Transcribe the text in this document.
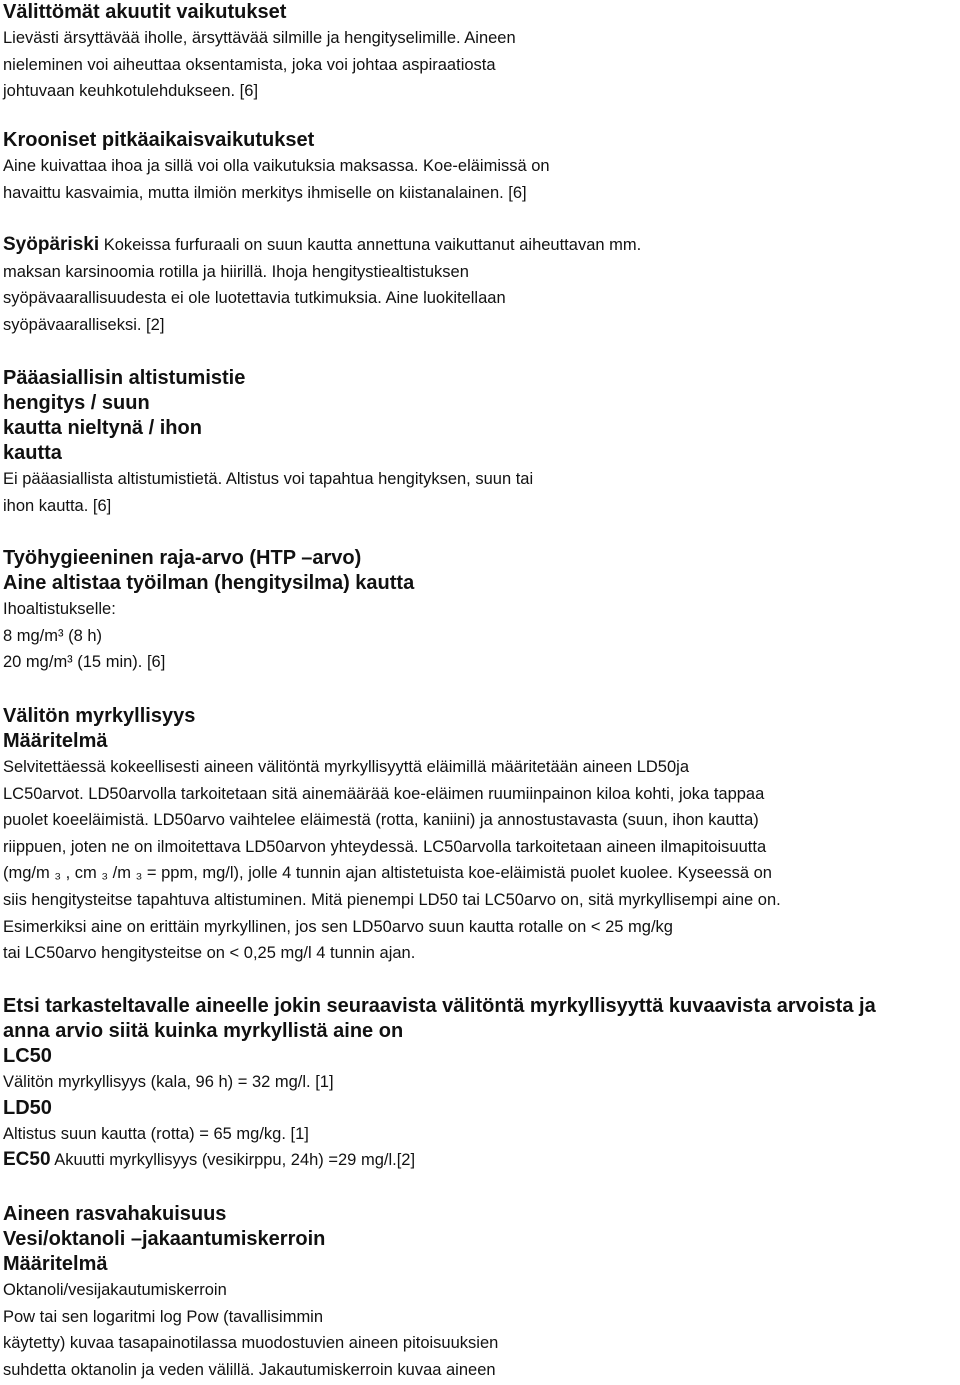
Välittömät akuutit vaikutukset

Lievästi ärsyttävää iholle, ärsyttävää silmille ja hengityselimille. Aineen

nieleminen voi aiheuttaa oksentamista, joka voi johtaa aspiraatiosta

johtuvaan keuhkotulehdukseen. [6]

Krooniset pitkäaikaisvaikutukset

Aine kuivattaa ihoa ja sillä voi olla vaikutuksia maksassa. Koe-eläimissä on

havaittu kasvaimia, mutta ilmiön merkitys ihmiselle on kiistanalainen. [6]

Syöpäriski Kokeissa furfuraali on suun kautta annettuna vaikuttanut aiheuttavan mm.

maksan karsinoomia rotilla ja hiirillä. Ihoja hengitystiealtistuksen

syöpävaarallisuudesta ei ole luotettavia tutkimuksia. Aine luokitellaan

syöpävaaralliseksi. [2]

Pääasiallisin altistumistie

hengitys / suun

kautta nieltynä / ihon

kautta

Ei pääasiallista altistumistietä. Altistus voi tapahtua hengityksen, suun tai

ihon kautta. [6]

Työhygieeninen raja-arvo (HTP –arvo)

Aine altistaa työilman (hengitysilma) kautta

Ihoaltistukselle:

8 mg/m³ (8 h)

20 mg/m³ (15 min). [6]

Välitön myrkyllisyys

Määritelmä

Selvitettäessä kokeellisesti aineen välitöntä myrkyllisyyttä eläimillä määritetään aineen LD50ja

LC50arvot. LD50arvolla tarkoitetaan sitä ainemäärää koe-eläimen ruumiinpainon kiloa kohti, joka tappaa

puolet koeeläimistä. LD50arvo vaihtelee eläimestä (rotta, kaniini) ja annostustavasta (suun, ihon kautta)

riippuen, joten ne on ilmoitettava LD50arvon yhteydessä. LC50arvolla tarkoitetaan aineen ilmapitoisuutta

(mg/m ₃ , cm ₃ /m ₃ = ppm, mg/l), jolle 4 tunnin ajan altistetuista koe-eläimistä puolet kuolee. Kyseessä on

siis hengitysteitse tapahtuva altistuminen. Mitä pienempi LD50 tai LC50arvo on, sitä myrkyllisempi aine on.

Esimerkiksi aine on erittäin myrkyllinen, jos sen LD50arvo suun kautta rotalle on < 25 mg/kg

tai LC50arvo hengitysteitse on < 0,25 mg/l 4 tunnin ajan.

Etsi tarkasteltavalle aineelle jokin seuraavista välitöntä myrkyllisyyttä kuvaavista arvoista ja

anna arvio siitä kuinka myrkyllistä aine on

LC50

Välitön myrkyllisyys (kala, 96 h) = 32 mg/l. [1]

LD50

Altistus suun kautta (rotta) = 65 mg/kg. [1]

EC50 Akuutti myrkyllisyys (vesikirppu, 24h) =29 mg/l.[2]

Aineen rasvahakuisuus

Vesi/oktanoli –jakaantumiskerroin

Määritelmä

Oktanoli/vesijakautumiskerroin

Pow tai sen logaritmi log Pow (tavallisimmin

käytetty) kuvaa tasapainotilassa muodostuvien aineen pitoisuuksien

suhdetta oktanolin ja veden välillä. Jakautumiskerroin kuvaa aineen
